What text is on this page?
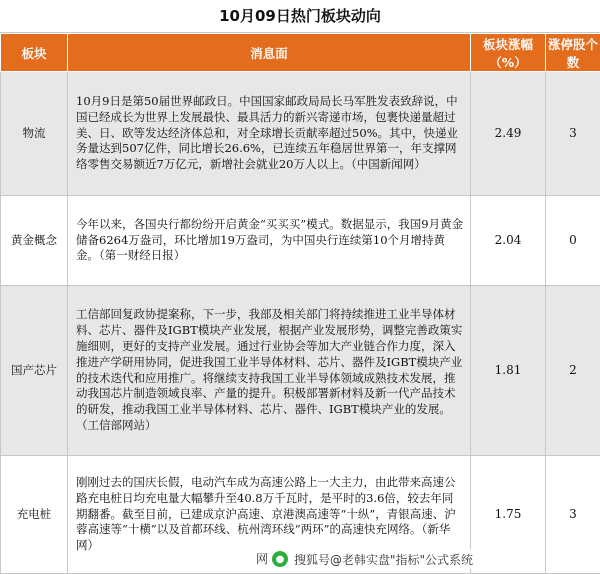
10月09日热门板块动向
板块	消息面	板块涨幅（%）	涨停股个数
物流	10月9日是第50届世界邮政日。中国国家邮政局局长马军胜发表致辞说，中国已经成长为世界上发展最快、最具活力的新兴寄递市场，包裹快递量超过美、日、欧等发达经济体总和，对全球增长贡献率超过50%。其中，快递业务量达到507亿件，同比增长26.6%，已连续五年稳居世界第一，年支撑网络零售交易额近7万亿元，新增社会就业20万人以上。（中国新闻网）	2.49	3
黄金概念	今年以来，各国央行都纷纷开启黄金“买买买”模式。数据显示，我国9月黄金储备6264万盎司，环比增加19万盎司，为中国央行连续第10个月增持黄金。（第一财经日报）	2.04	0
国产芯片	工信部回复政协提案称，下一步，我部及相关部门将持续推进工业半导体材料、芯片、器件及IGBT模块产业发展，根据产业发展形势，调整完善政策实施细则，更好的支持产业发展。通过行业协会等加大产业链合作力度，深入推进产学研用协同，促进我国工业半导体材料、芯片、器件及IGBT模块产业的技术迭代和应用推广。将继续支持我国工业半导体领域成熟技术发展，推动我国芯片制造领域良率、产量的提升。积极部署新材料及新一代产品技术的研发，推动我国工业半导体材料、芯片、器件、IGBT模块产业的发展。（工信部网站）	1.81	2
充电桩	刚刚过去的国庆长假，电动汽车成为高速公路上一大主力，由此带来高速公路充电桩日均充电量大幅攀升至40.8万千瓦时，是平时的3.6倍，较去年同期翻番。截至目前，已建成京沪高速、京港澳高速等“十纵”，青银高速、沪蓉高速等“十横”以及首都环线、杭州湾环线“两环”的高速快充网络。（新华网）	1.75	3
网 ● 搜狐号@老韩实盘"指标"公式系统
